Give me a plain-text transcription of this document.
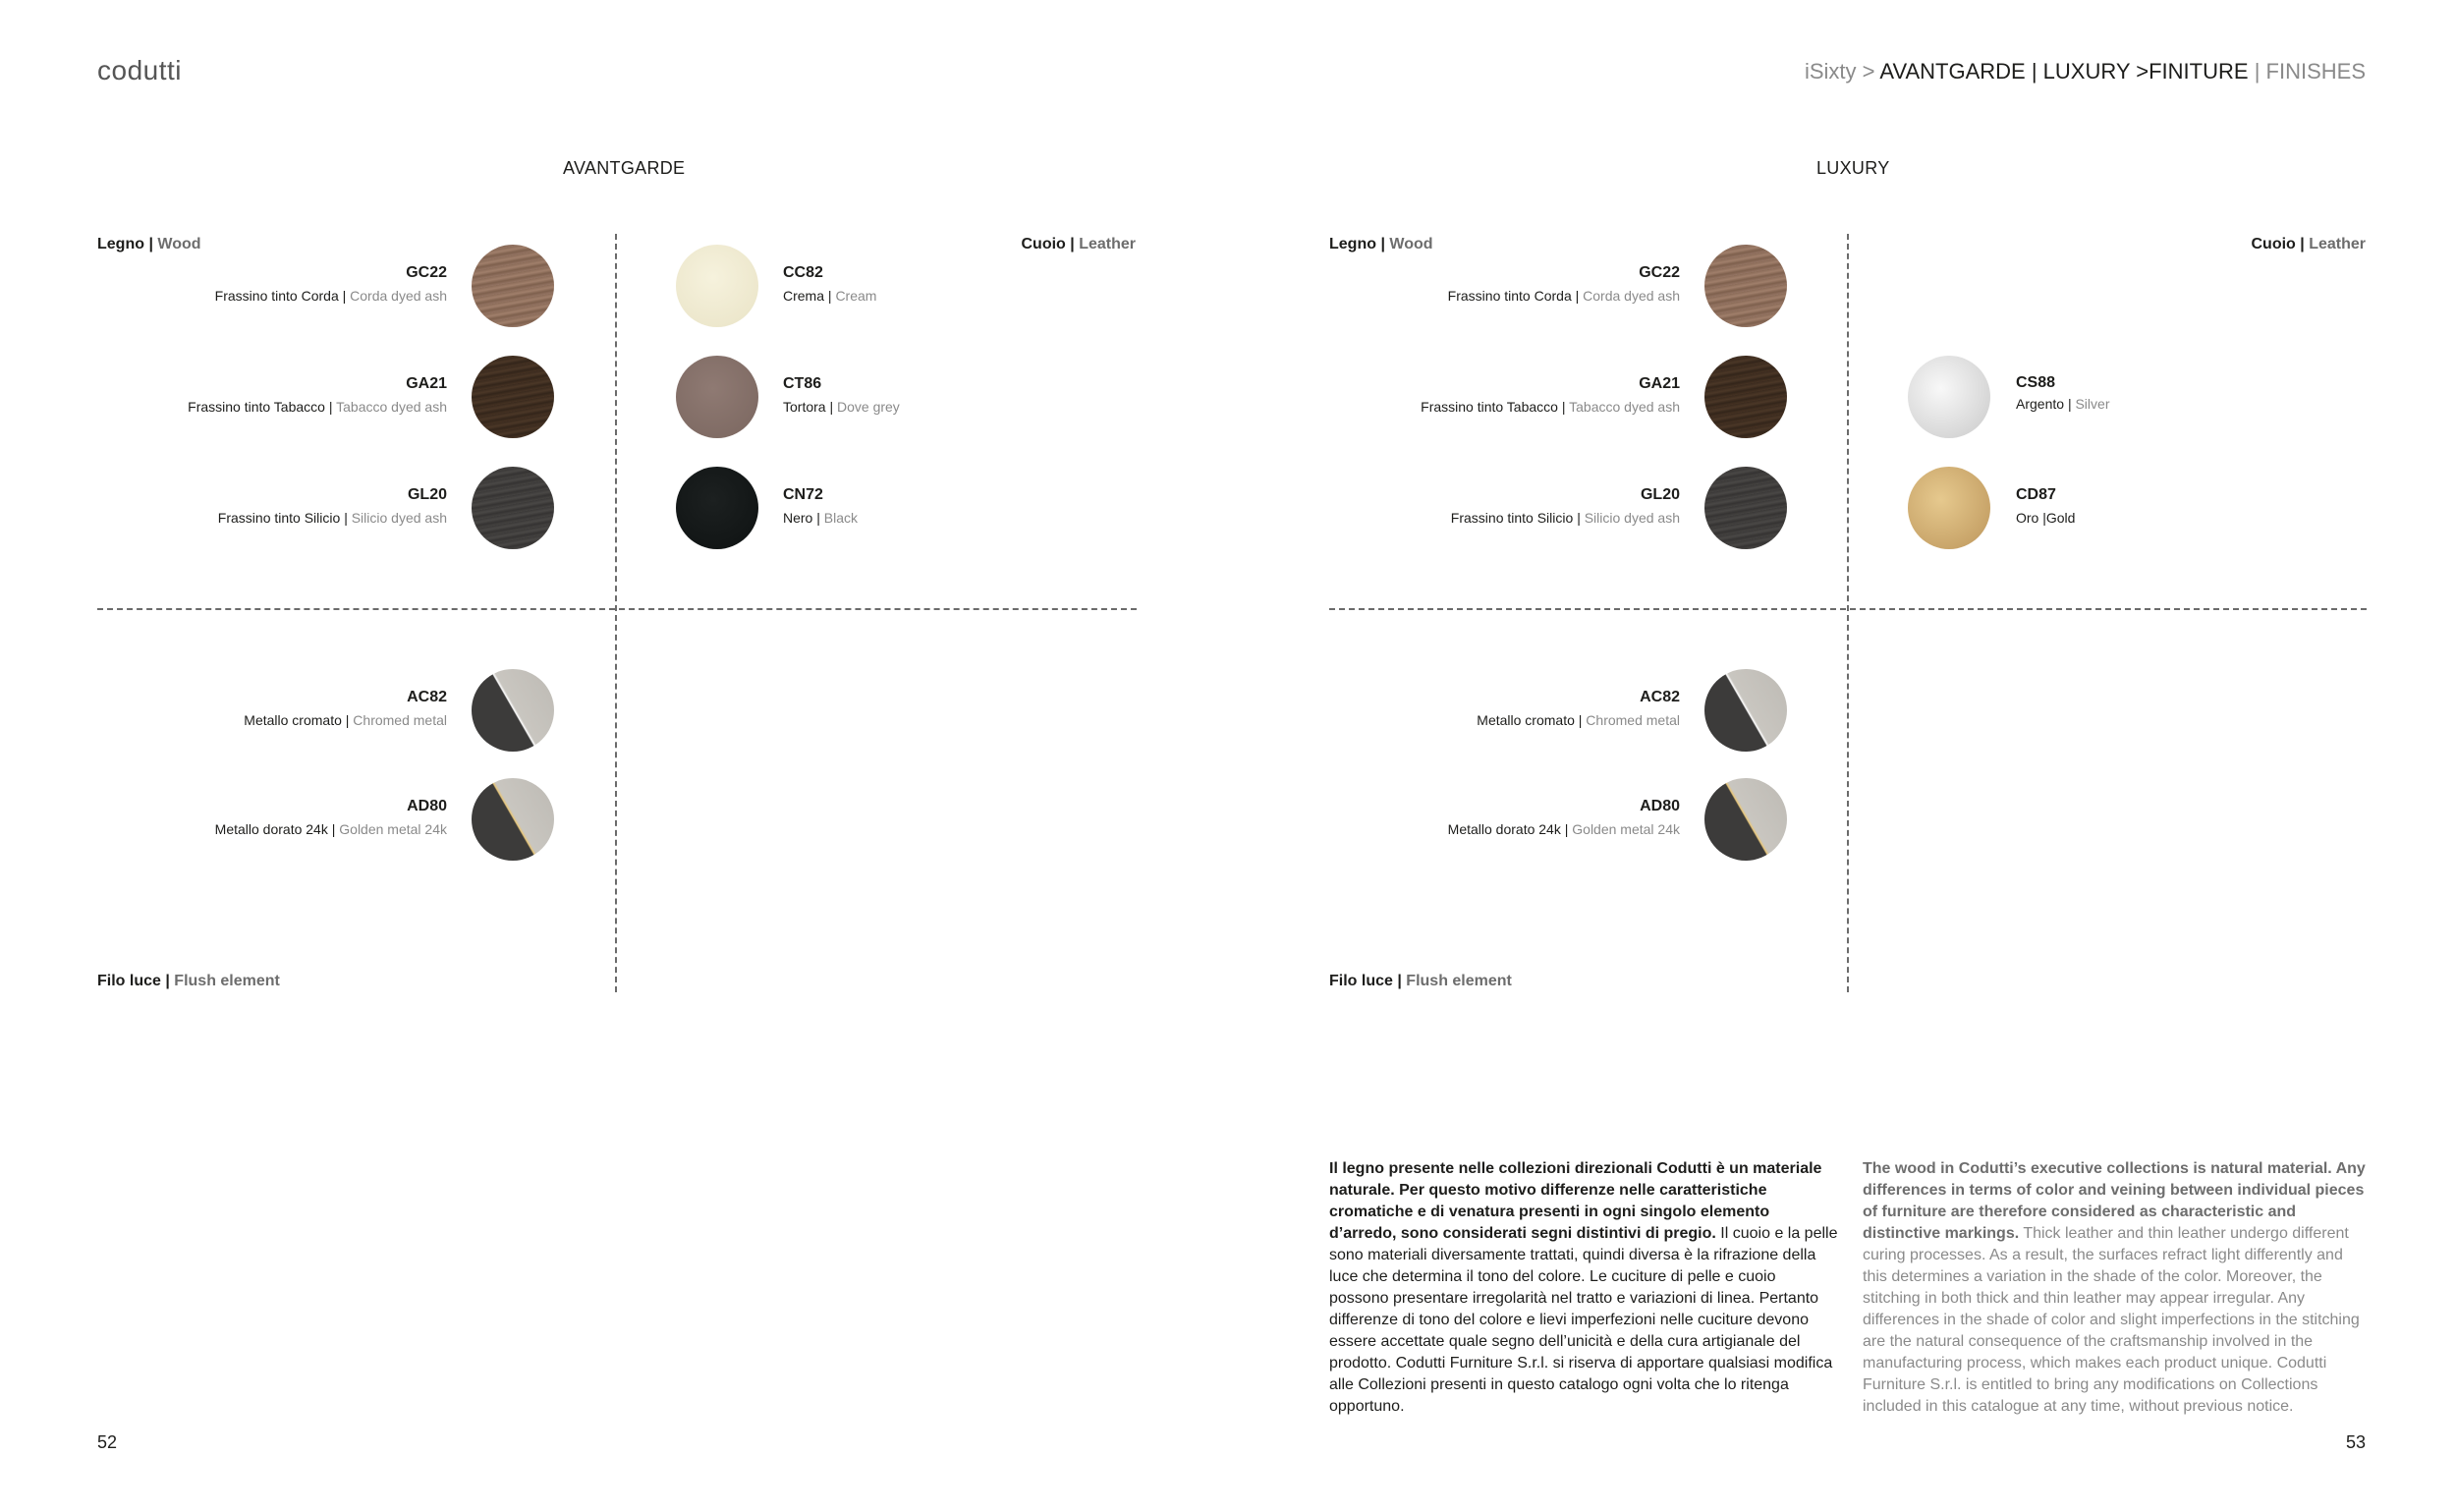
codutti	iSixty > AVANTGARDE | LUXURY >FINITURE | FINISHES
AVANTGARDE
Legno | Wood	Cuoio | Leather
Filo luce | Flush element
GC22
Frassino tinto Corda | Corda dyed ash
GA21
Frassino tinto Tabacco | Tabacco dyed ash
GL20
Frassino tinto Silicio | Silicio dyed ash
CC82
Crema | Cream
CT86
Tortora | Dove grey
CN72
Nero | Black
AC82
Metallo cromato | Chromed metal
AD80
Metallo dorato 24k | Golden metal 24k
LUXURY
Legno | Wood	Cuoio | Leather
Filo luce | Flush element
GC22
Frassino tinto Corda | Corda dyed ash
GA21
Frassino tinto Tabacco | Tabacco dyed ash
GL20
Frassino tinto Silicio | Silicio dyed ash
CS88
Argento | Silver
CD87
Oro |Gold
AC82
Metallo cromato | Chromed metal
AD80
Metallo dorato 24k | Golden metal 24k
Il legno presente nelle collezioni direzionali Codutti è un materiale naturale. Per questo motivo differenze nelle caratteristiche cromatiche e di venatura presenti in ogni singolo elemento d’arredo, sono considerati segni distintivi di pregio. Il cuoio e la pelle sono materiali diversamente trattati, quindi diversa è la rifrazione della luce che determina il tono del colore. Le cuciture di pelle e cuoio possono presentare irregolarità nel tratto e variazioni di linea. Pertanto differenze di tono del colore e lievi imperfezioni nelle cuciture devono essere accettate quale segno dell’unicità e della cura artigianale del prodotto. Codutti Furniture S.r.l. si riserva di apportare qualsiasi modifica alle Collezioni presenti in questo catalogo ogni volta che lo ritenga opportuno.
The wood in Codutti’s executive collections is natural material. Any differences in terms of color and veining between individual pieces of furniture are therefore considered as characteristic and distinctive markings. Thick leather and thin leather undergo different curing processes. As a result, the surfaces refract light differently and this determines a variation in the shade of the color. Moreover, the stitching in both thick and thin leather may appear irregular. Any differences in the shade of color and slight imperfections in the stitching are the natural consequence of the craftsmanship involved in the manufacturing process, which makes each product unique. Codutti Furniture S.r.l. is entitled to bring any modifications on Collections included in this catalogue at any time, without previous notice.
52	53
